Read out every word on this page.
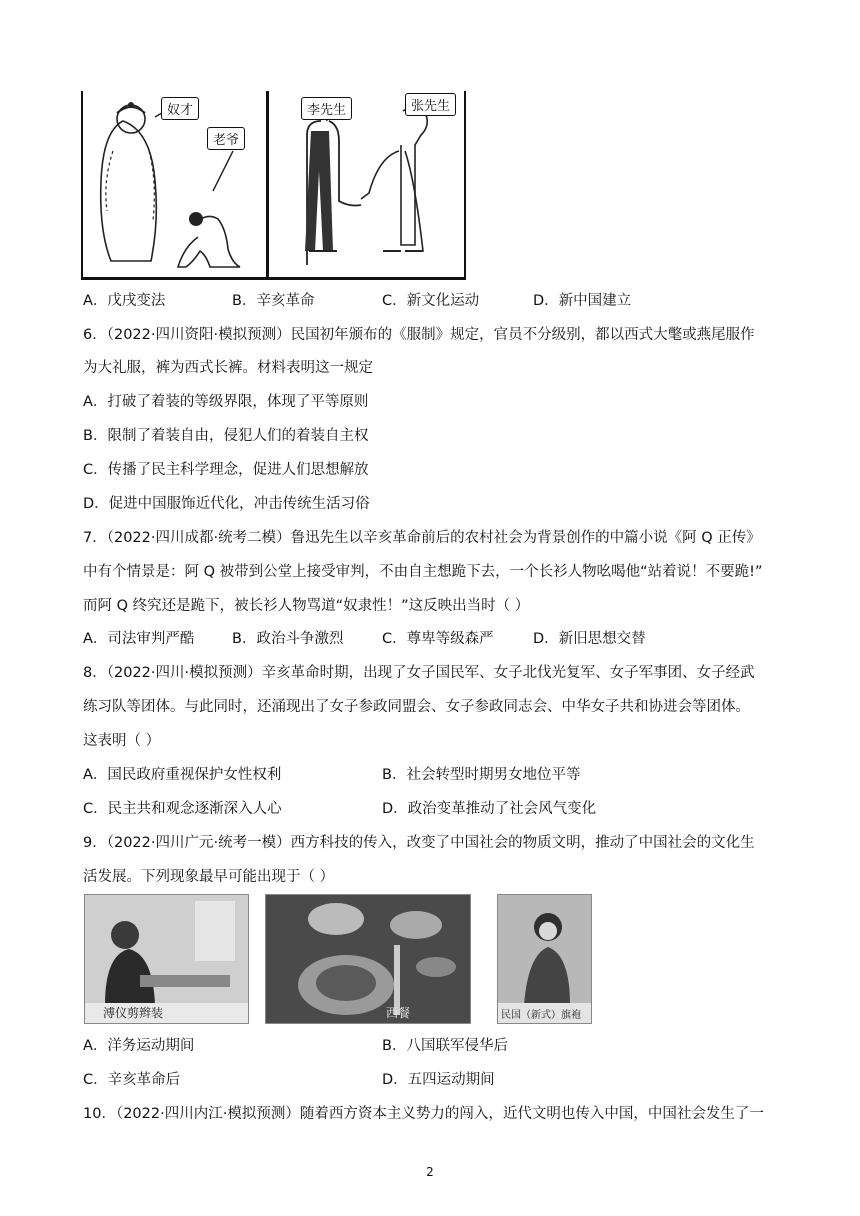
奴才
老爷
李先生	张先生
A．戊戌变法	B．辛亥革命	C．新文化运动	D．新中国建立
6．（2022·四川资阳·模拟预测）民国初年颁布的《服制》规定，官员不分级别，都以西式大氅或燕尾服作
为大礼服，裤为西式长裤。材料表明这一规定
A．打破了着装的等级界限，体现了平等原则
B．限制了着装自由，侵犯人们的着装自主权
C．传播了民主科学理念，促进人们思想解放
D．促进中国服饰近代化，冲击传统生活习俗
7．（2022·四川成都·统考二模）鲁迅先生以辛亥革命前后的农村社会为背景创作的中篇小说《阿 Q 正传》
中有个情景是：阿 Q 被带到公堂上接受审判，不由自主想跪下去，一个长衫人物吆喝他“站着说！不要跪!”
而阿 Q 终究还是跪下，被长衫人物骂道“奴隶性！”这反映出当时（ ）
A．司法审判严酷	B．政治斗争激烈	C．尊卑等级森严	D．新旧思想交替
8．（2022·四川·模拟预测）辛亥革命时期，出现了女子国民军、女子北伐光复军、女子军事团、女子经武
练习队等团体。与此同时，还涌现出了女子参政同盟会、女子参政同志会、中华女子共和协进会等团体。
这表明（ ）
A．国民政府重视保护女性权利	B．社会转型时期男女地位平等
C．民主共和观念逐渐深入人心	D．政治变革推动了社会风气变化
9．（2022·四川广元·统考一模）西方科技的传入，改变了中国社会的物质文明，推动了中国社会的文化生
活发展。下列现象最早可能出现于（ ）
溥仪剪辫装	西餐	民国（新式）旗袍
A．洋务运动期间	B．八国联军侵华后
C．辛亥革命后	D．五四运动期间
10．（2022·四川内江·模拟预测）随着西方资本主义势力的闯入，近代文明也传入中国，中国社会发生了一
2
